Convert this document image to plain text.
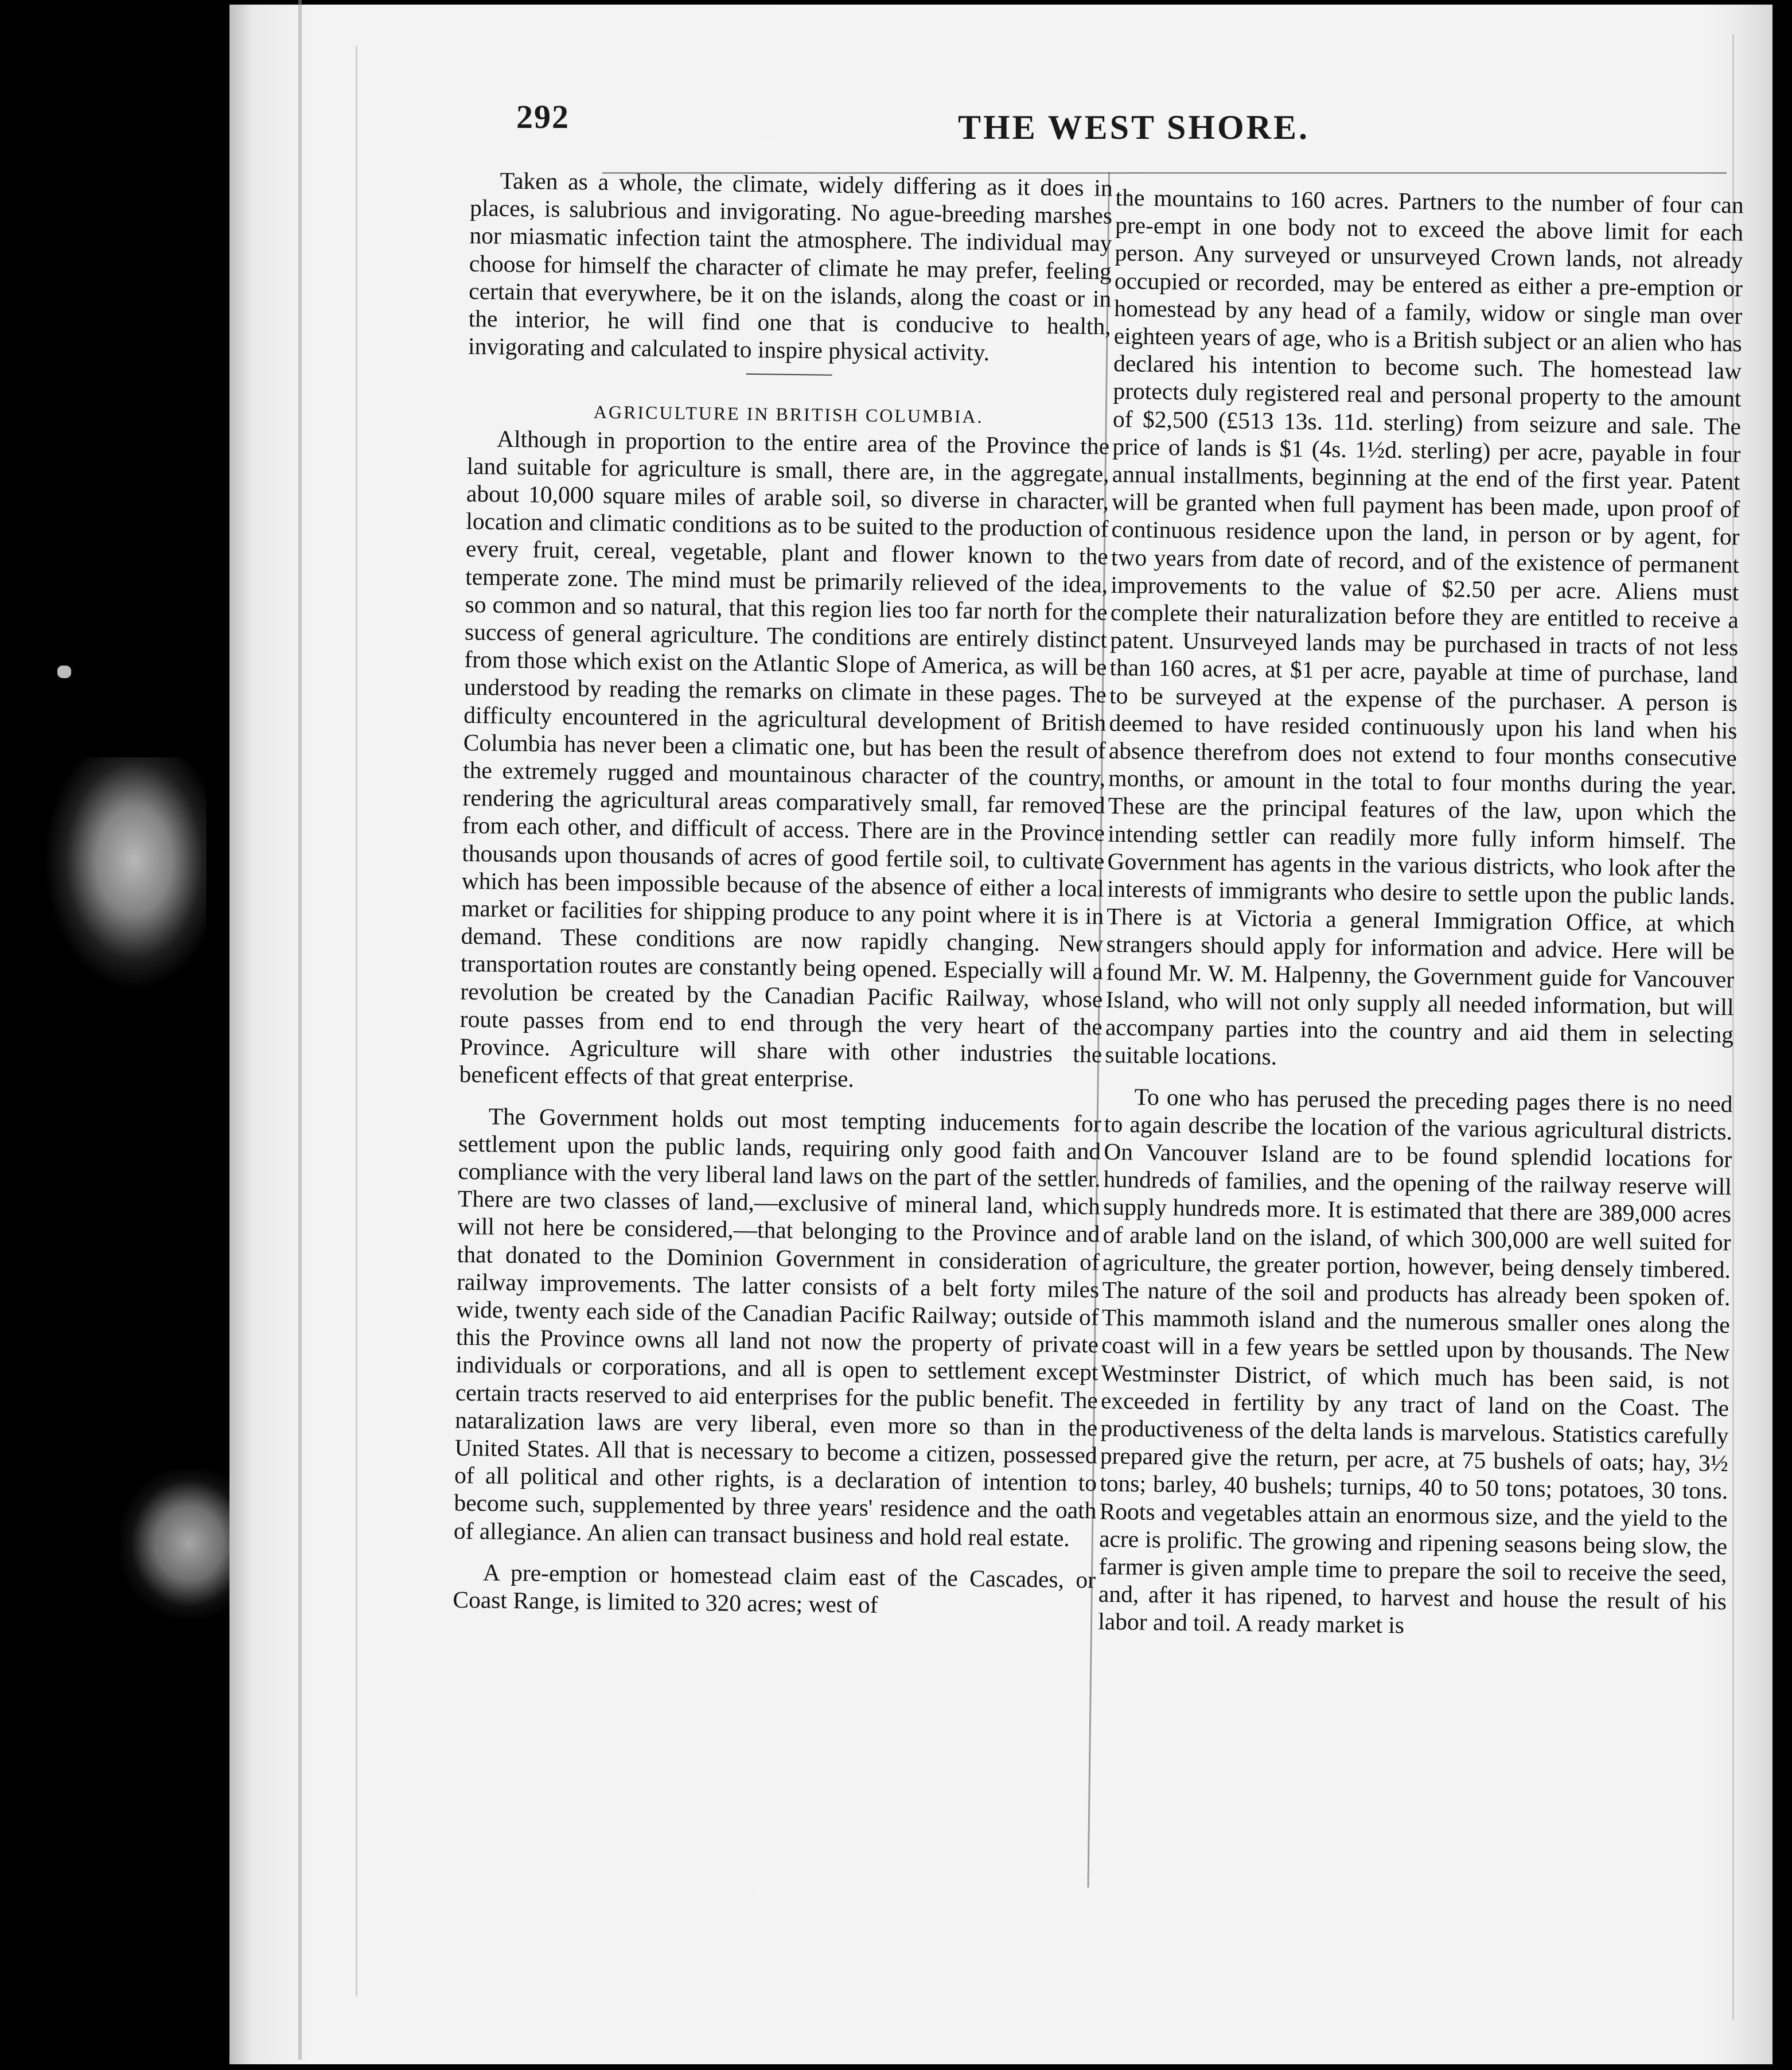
292	THE WEST SHORE.

Taken as a whole, the climate, widely differing as it does in places, is salubrious and invigorating. No ague-breeding marshes nor miasmatic infection taint the atmosphere. The individual may choose for himself the character of climate he may prefer, feeling certain that everywhere, be it on the islands, along the coast or in the interior, he will find one that is conducive to health, invigorating and calculated to inspire physical activity.

AGRICULTURE IN BRITISH COLUMBIA.

Although in proportion to the entire area of the Province the land suitable for agriculture is small, there are, in the aggregate, about 10,000 square miles of arable soil, so diverse in character, location and climatic conditions as to be suited to the production of every fruit, cereal, vegetable, plant and flower known to the temperate zone. The mind must be primarily relieved of the idea, so common and so natural, that this region lies too far north for the success of general agriculture. The conditions are entirely distinct from those which exist on the Atlantic Slope of America, as will be understood by reading the remarks on climate in these pages. The difficulty encountered in the agricultural development of British Columbia has never been a climatic one, but has been the result of the extremely rugged and mountainous character of the country, rendering the agricultural areas comparatively small, far removed from each other, and difficult of access. There are in the Province thousands upon thousands of acres of good fertile soil, to cultivate which has been impossible because of the absence of either a local market or facilities for shipping produce to any point where it is in demand. These conditions are now rapidly changing. New transportation routes are constantly being opened. Especially will a revolution be created by the Canadian Pacific Railway, whose route passes from end to end through the very heart of the Province. Agriculture will share with other industries the beneficent effects of that great enterprise.

The Government holds out most tempting inducements for settlement upon the public lands, requiring only good faith and compliance with the very liberal land laws on the part of the settler. There are two classes of land,—exclusive of mineral land, which will not here be considered,—that belonging to the Province and that donated to the Dominion Government in consideration of railway improvements. The latter consists of a belt forty miles wide, twenty each side of the Canadian Pacific Railway; outside of this the Province owns all land not now the property of private individuals or corporations, and all is open to settlement except certain tracts reserved to aid enterprises for the public benefit. The nataralization laws are very liberal, even more so than in the United States. All that is necessary to become a citizen, possessed of all political and other rights, is a declaration of intention to become such, supplemented by three years' residence and the oath of allegiance. An alien can transact business and hold real estate.

A pre-emption or homestead claim east of the Cascades, or Coast Range, is limited to 320 acres; west of

the mountains to 160 acres. Partners to the number of four can pre-empt in one body not to exceed the above limit for each person. Any surveyed or unsurveyed Crown lands, not already occupied or recorded, may be entered as either a pre-emption or homestead by any head of a family, widow or single man over eighteen years of age, who is a British subject or an alien who has declared his intention to become such. The homestead law protects duly registered real and personal property to the amount of $2,500 (£513 13s. 11d. sterling) from seizure and sale. The price of lands is $1 (4s. 1½d. sterling) per acre, payable in four annual installments, beginning at the end of the first year. Patent will be granted when full payment has been made, upon proof of continuous residence upon the land, in person or by agent, for two years from date of record, and of the existence of permanent improvements to the value of $2.50 per acre. Aliens must complete their naturalization before they are entitled to receive a patent. Unsurveyed lands may be purchased in tracts of not less than 160 acres, at $1 per acre, payable at time of purchase, land to be surveyed at the expense of the purchaser. A person is deemed to have resided continuously upon his land when his absence therefrom does not extend to four months consecutive months, or amount in the total to four months during the year. These are the principal features of the law, upon which the intending settler can readily more fully inform himself. The Government has agents in the various districts, who look after the interests of immigrants who desire to settle upon the public lands. There is at Victoria a general Immigration Office, at which strangers should apply for information and advice. Here will be found Mr. W. M. Halpenny, the Government guide for Vancouver Island, who will not only supply all needed information, but will accompany parties into the country and aid them in selecting suitable locations.

To one who has perused the preceding pages there is no need to again describe the location of the various agricultural districts. On Vancouver Island are to be found splendid locations for hundreds of families, and the opening of the railway reserve will supply hundreds more. It is estimated that there are 389,000 acres of arable land on the island, of which 300,000 are well suited for agriculture, the greater portion, however, being densely timbered. The nature of the soil and products has already been spoken of. This mammoth island and the numerous smaller ones along the coast will in a few years be settled upon by thousands. The New Westminster District, of which much has been said, is not exceeded in fertility by any tract of land on the Coast. The productiveness of the delta lands is marvelous. Statistics carefully prepared give the return, per acre, at 75 bushels of oats; hay, 3½ tons; barley, 40 bushels; turnips, 40 to 50 tons; potatoes, 30 tons. Roots and vegetables attain an enormous size, and the yield to the acre is prolific. The growing and ripening seasons being slow, the farmer is given ample time to prepare the soil to receive the seed, and, after it has ripened, to harvest and house the result of his labor and toil. A ready market is
